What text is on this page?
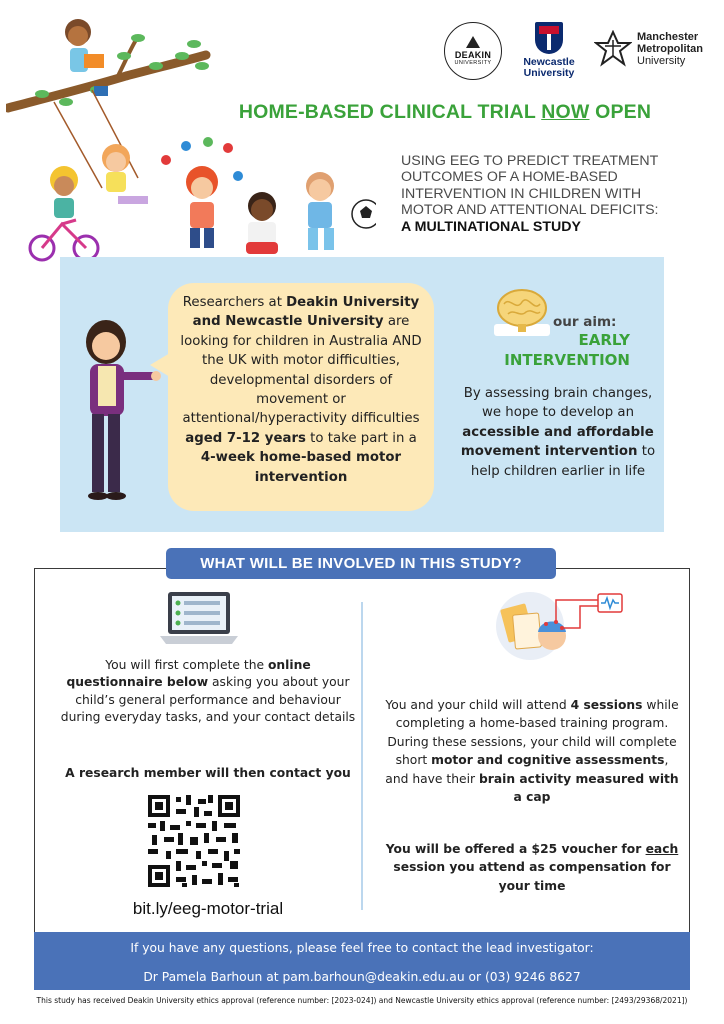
DEAKIN
UNIVERSITY	Newcastle
University
Manchester
Metropolitan
University
HOME-BASED CLINICAL TRIAL NOW OPEN
USING EEG TO PREDICT TREATMENT
OUTCOMES OF A HOME-BASED
INTERVENTION IN CHILDREN WITH
MOTOR AND ATTENTIONAL DEFICITS:
A MULTINATIONAL STUDY
Researchers at Deakin University and Newcastle University are looking for children in Australia AND the UK with motor difficulties, developmental disorders of movement or attentional/hyperactivity difficulties aged 7-12 years to take part in a 4-week home-based motor intervention
our aim:
EARLY
INTERVENTION
By assessing brain changes, we hope to develop an accessible and affordable movement intervention to help children earlier in life
WHAT WILL BE INVOLVED IN THIS STUDY?
You will first complete the online questionnaire below asking you about your child’s general performance and behaviour during everyday tasks, and your contact details
A research member will then contact you
bit.ly/eeg-motor-trial
You and your child will attend 4 sessions while completing a home-based training program. During these sessions, your child will complete short motor and cognitive assessments, and have their brain activity measured with a cap
You will be offered a $25 voucher for each session you attend as compensation for your time
If you have any questions, please feel free to contact the lead investigator:
Dr Pamela Barhoun at pam.barhoun@deakin.edu.au or (03) 9246 8627
This study has received Deakin University ethics approval (reference number: [2023-024]) and Newcastle University ethics approval (reference number: [2493/29368/2021])
